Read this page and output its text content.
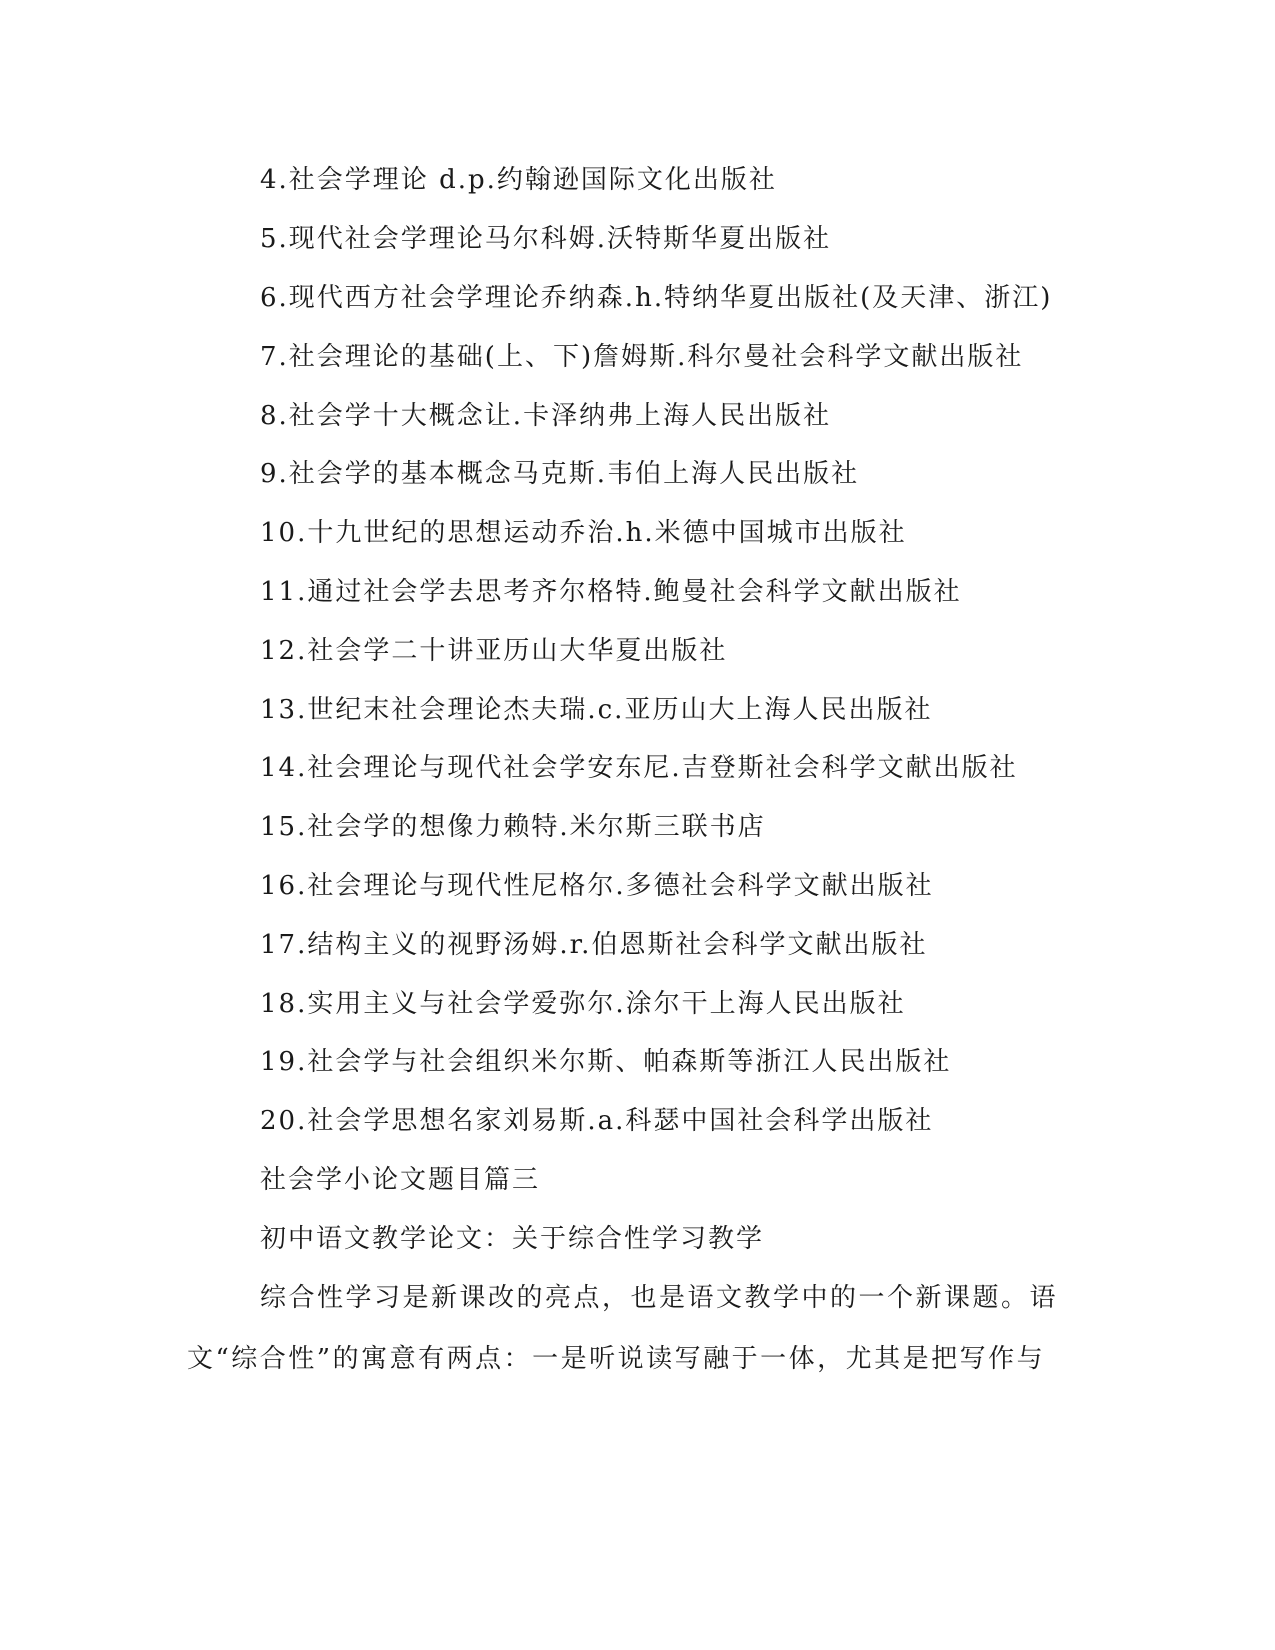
4.社会学理论 d.p.约翰逊国际文化出版社
5.现代社会学理论马尔科姆.沃特斯华夏出版社
6.现代西方社会学理论乔纳森.h.特纳华夏出版社(及天津、浙江)
7.社会理论的基础(上、下)詹姆斯.科尔曼社会科学文献出版社
8.社会学十大概念让.卡泽纳弗上海人民出版社
9.社会学的基本概念马克斯.韦伯上海人民出版社
10.十九世纪的思想运动乔治.h.米德中国城市出版社
11.通过社会学去思考齐尔格特.鲍曼社会科学文献出版社
12.社会学二十讲亚历山大华夏出版社
13.世纪末社会理论杰夫瑞.c.亚历山大上海人民出版社
14.社会理论与现代社会学安东尼.吉登斯社会科学文献出版社
15.社会学的想像力赖特.米尔斯三联书店
16.社会理论与现代性尼格尔.多德社会科学文献出版社
17.结构主义的视野汤姆.r.伯恩斯社会科学文献出版社
18.实用主义与社会学爱弥尔.涂尔干上海人民出版社
19.社会学与社会组织米尔斯、帕森斯等浙江人民出版社
20.社会学思想名家刘易斯.a.科瑟中国社会科学出版社
社会学小论文题目篇三
初中语文教学论文：关于综合性学习教学
综合性学习是新课改的亮点，也是语文教学中的一个新课题。语
文“综合性”的寓意有两点：一是听说读写融于一体，尤其是把写作与
